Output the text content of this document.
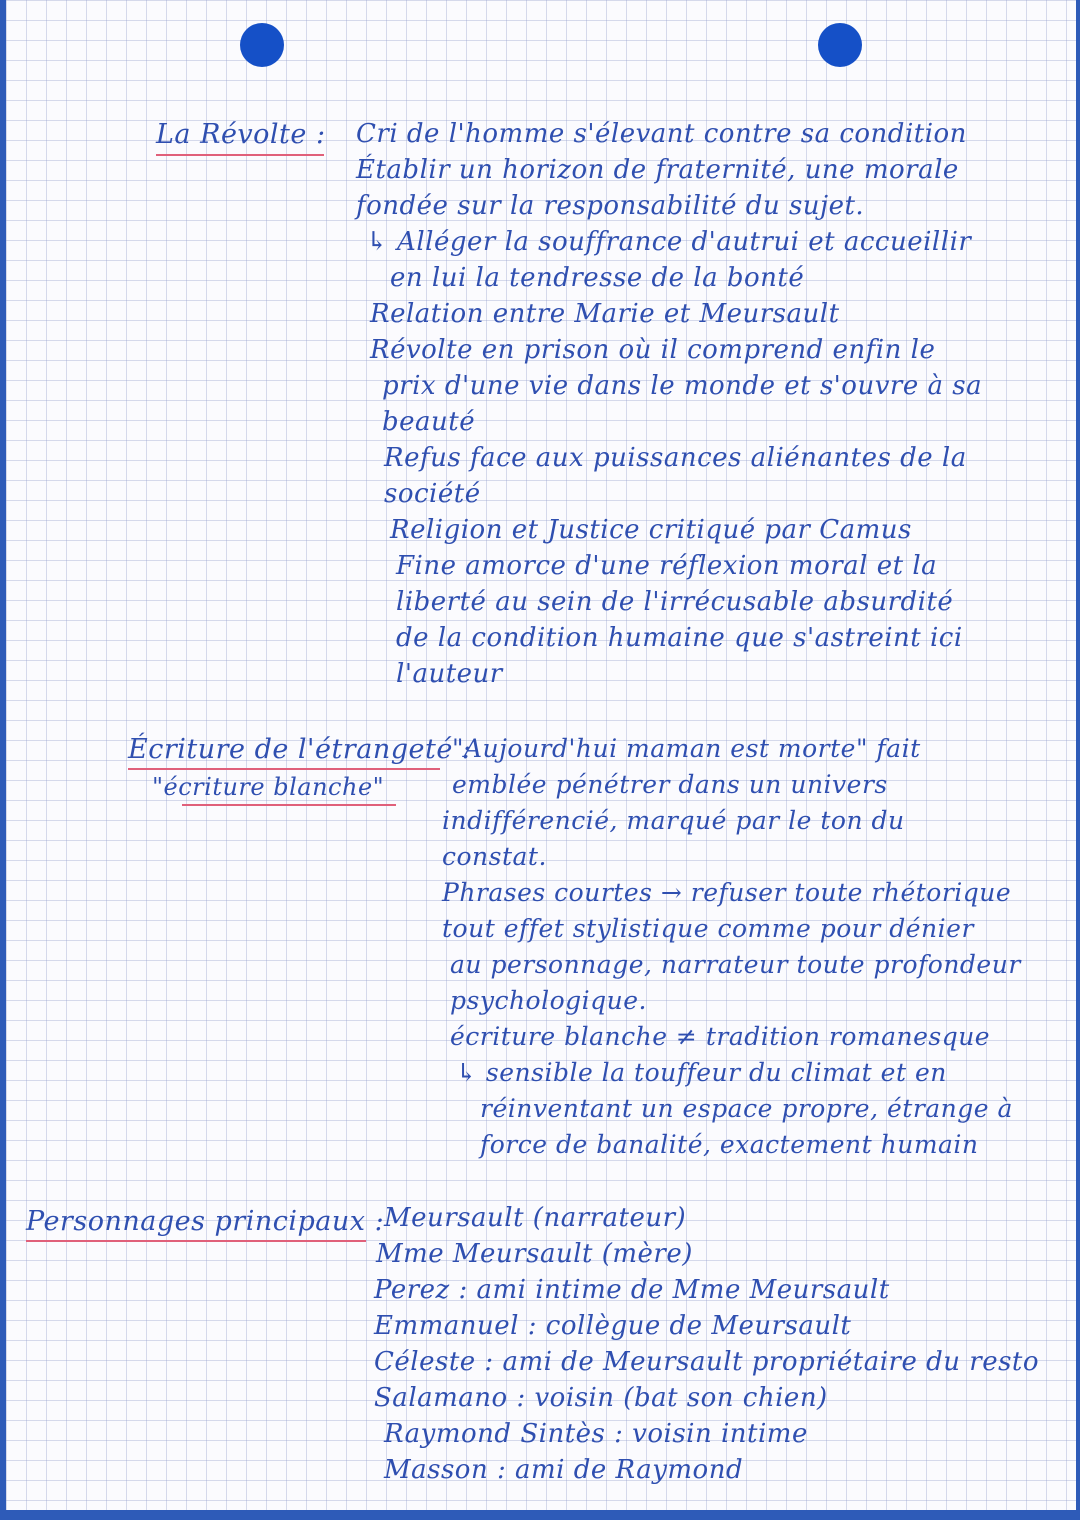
La Révolte : Cri de l'homme s'élevant contre sa condition
Établir un horizon de fraternité, une morale
fondée sur la responsabilité du sujet.
↳ Alléger la souffrance d'autrui et accueillir
en lui la tendresse de la bonté
Relation entre Marie et Meursault
Révolte en prison où il comprend enfin le
prix d'une vie dans le monde et s'ouvre à sa
beauté
Refus face aux puissances aliénantes de la
société
Religion et Justice critiqué par Camus
Fine amorce d'une réflexion moral et la
liberté au sein de l'irrécusable absurdité
de la condition humaine que s'astreint ici
l'auteur
Écriture de l'étrangeté :
"écriture blanche"
"Aujourd'hui maman est morte" fait
emblée pénétrer dans un univers
indifférencié, marqué par le ton du
constat.
Phrases courtes → refuser toute rhétorique
tout effet stylistique comme pour dénier
au personnage, narrateur toute profondeur
psychologique.
écriture blanche ≠ tradition romanesque
↳ sensible la touffeur du climat et en
réinventant un espace propre, étrange à
force de banalité, exactement humain
Personnages principaux : Meursault (narrateur)
Mme Meursault (mère)
Perez : ami intime de Mme Meursault
Emmanuel : collègue de Meursault
Céleste : ami de Meursault propriétaire du resto
Salamano : voisin (bat son chien)
Raymond Sintès : voisin intime
Masson : ami de Raymond
